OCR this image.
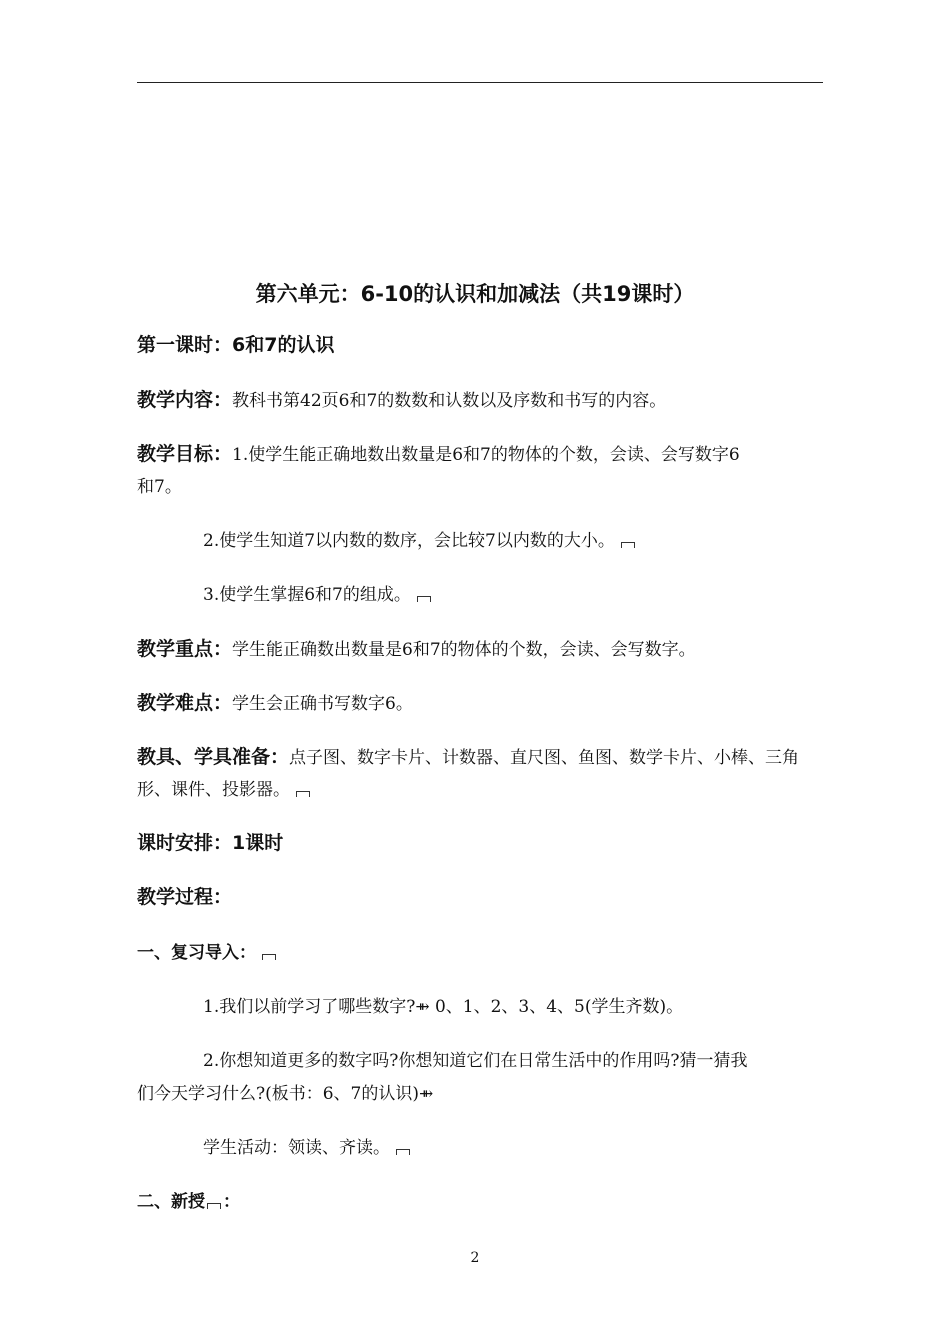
第六单元：6-10的认识和加减法（共19课时）
第一课时：6和7的认识
教学内容：教科书第42页6和7的数数和认数以及序数和书写的内容。
教学目标：1.使学生能正确地数出数量是6和7的物体的个数，会读、会写数字6
和7。
2.使学生知道7以内数的数序，会比较7以内数的大小。
3.使学生掌握6和7的组成。
教学重点：学生能正确数出数量是6和7的物体的个数，会读、会写数字。
教学难点：学生会正确书写数字6。
教具、学具准备：点子图、数字卡片、计数器、直尺图、鱼图、数学卡片、小棒、三角
形、课件、投影器。
课时安排：1课时
教学过程：
一、复习导入：
1.我们以前学习了哪些数字?⇻ 0、1、2、3、4、5(学生齐数)。
2.你想知道更多的数字吗?你想知道它们在日常生活中的作用吗?猜一猜我
们今天学习什么?(板书：6、7的认识)⇻
学生活动：领读、齐读。
二、新授 ：
2
